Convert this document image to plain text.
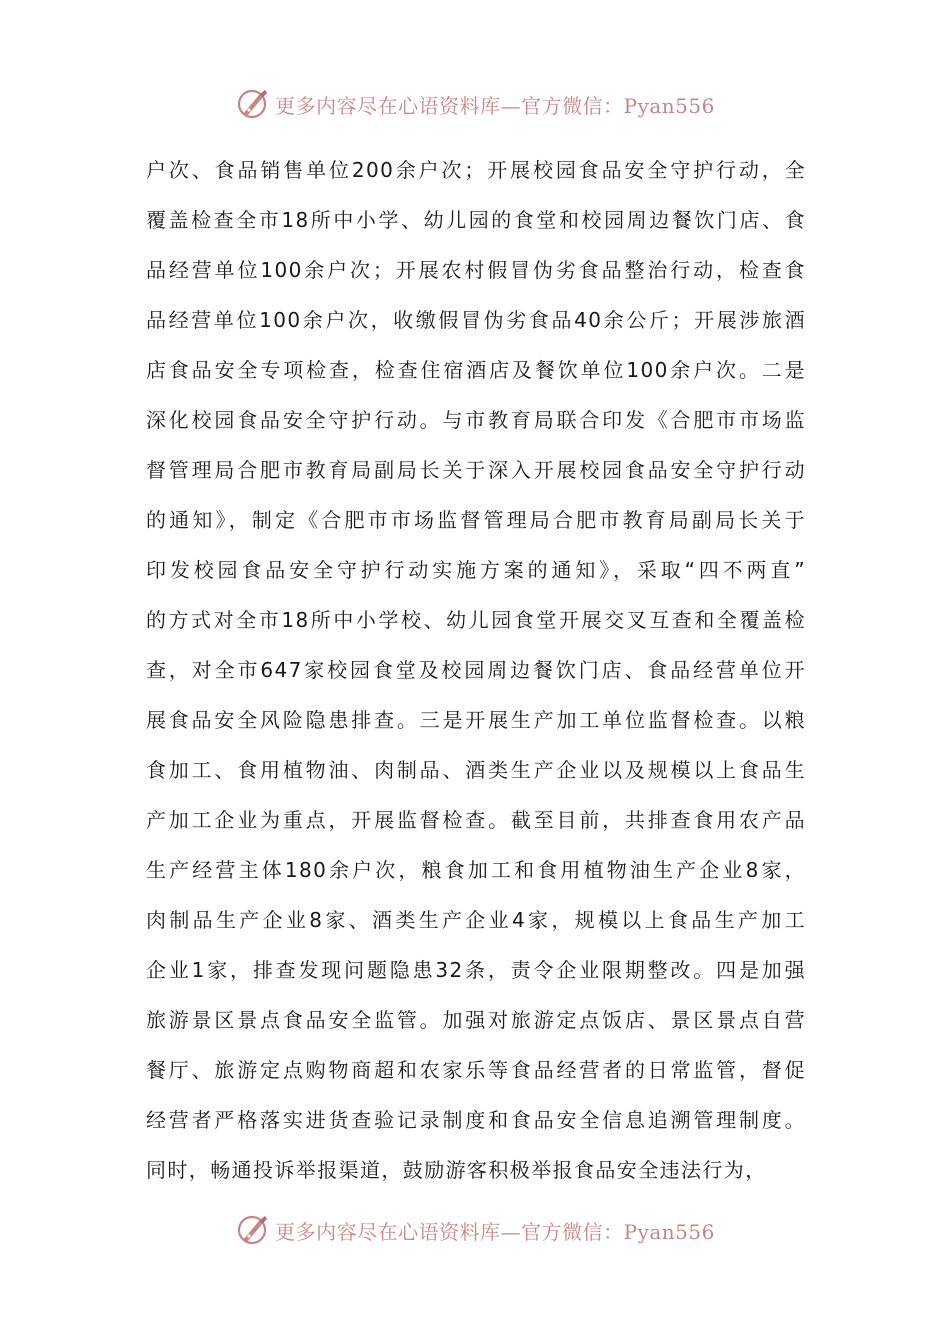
更多内容尽在心语资料库—官方微信：Pyan556
户次、食品销售单位200余户次；开展校园食品安全守护行动，全
覆盖检查全市18所中小学、幼儿园的食堂和校园周边餐饮门店、食
品经营单位100余户次；开展农村假冒伪劣食品整治行动，检查食
品经营单位100余户次，收缴假冒伪劣食品40余公斤；开展涉旅酒
店食品安全专项检查，检查住宿酒店及餐饮单位100余户次。二是
深化校园食品安全守护行动。与市教育局联合印发《合肥市市场监
督管理局合肥市教育局副局长关于深入开展校园食品安全守护行动
的通知》，制定《合肥市市场监督管理局合肥市教育局副局长关于
印发校园食品安全守护行动实施方案的通知》，采取“四不两直”
的方式对全市18所中小学校、幼儿园食堂开展交叉互查和全覆盖检
查，对全市647家校园食堂及校园周边餐饮门店、食品经营单位开
展食品安全风险隐患排查。三是开展生产加工单位监督检查。以粮
食加工、食用植物油、肉制品、酒类生产企业以及规模以上食品生
产加工企业为重点，开展监督检查。截至目前，共排查食用农产品
生产经营主体180余户次，粮食加工和食用植物油生产企业8家，
肉制品生产企业8家、酒类生产企业4家，规模以上食品生产加工
企业1家，排查发现问题隐患32条，责令企业限期整改。四是加强
旅游景区景点食品安全监管。加强对旅游定点饭店、景区景点自营
餐厅、旅游定点购物商超和农家乐等食品经营者的日常监管，督促
经营者严格落实进货查验记录制度和食品安全信息追溯管理制度。
同时，畅通投诉举报渠道，鼓励游客积极举报食品安全违法行为，
更多内容尽在心语资料库—官方微信：Pyan556
